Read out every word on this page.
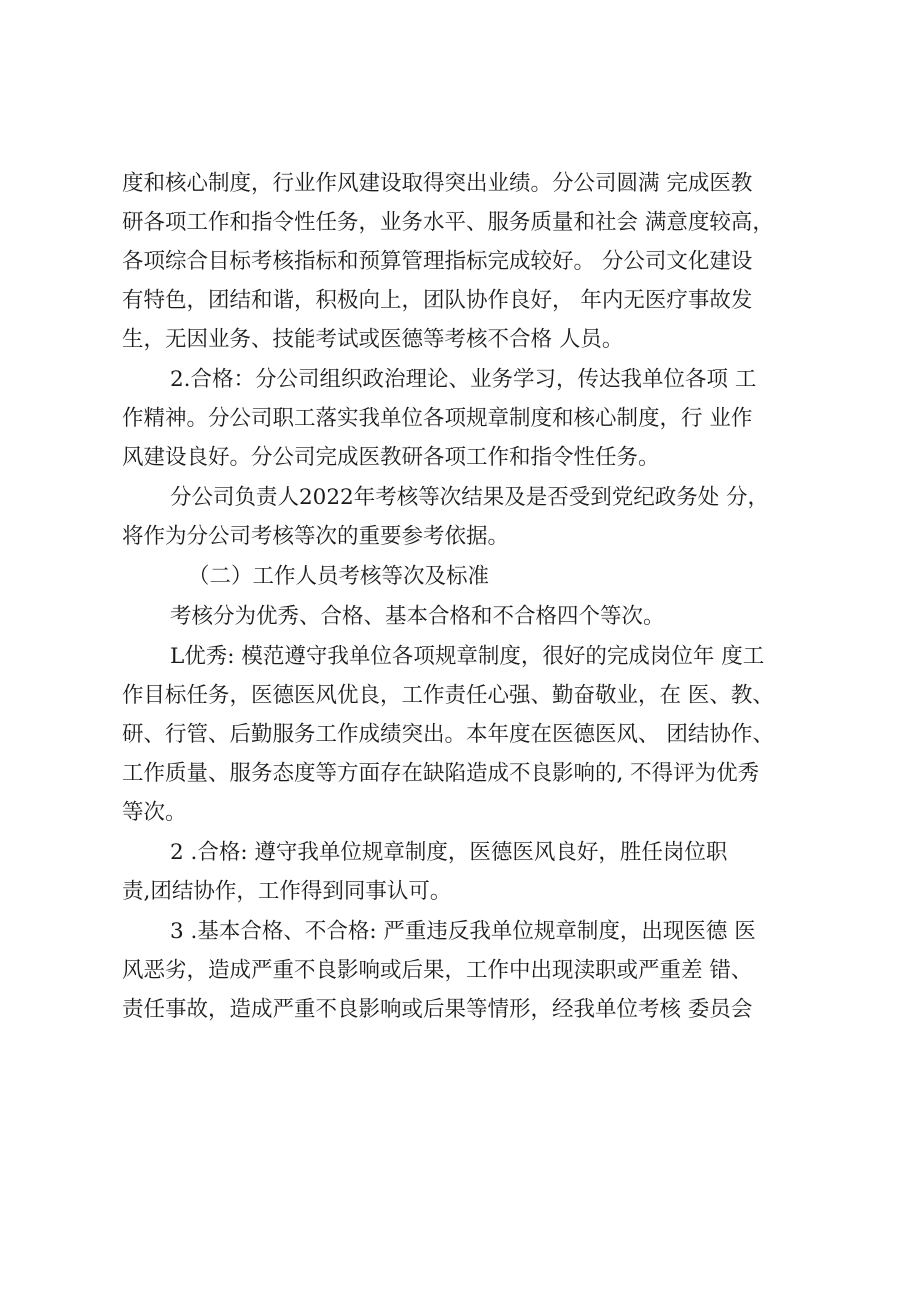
度和核心制度，行业作风建设取得突出业绩。分公司圆满 完成医教
研各项工作和指令性任务，业务水平、服务质量和社会 满意度较高，
各项综合目标考核指标和预算管理指标完成较好。 分公司文化建设
有特色，团结和谐，积极向上，团队协作良好， 年内无医疗事故发
生，无因业务、技能考试或医德等考核不合格 人员。
2.合格：分公司组织政治理论、业务学习，传达我单位各项 工
作精神。分公司职工落实我单位各项规章制度和核心制度，行 业作
风建设良好。分公司完成医教研各项工作和指令性任务。
分公司负责人2022年考核等次结果及是否受到党纪政务处 分，
将作为分公司考核等次的重要参考依据。
（二）工作人员考核等次及标准
考核分为优秀、合格、基本合格和不合格四个等次。
L优秀: 模范遵守我单位各项规章制度，很好的完成岗位年 度工
作目标任务，医德医风优良，工作责任心强、勤奋敬业，在 医、教、
研、行管、后勤服务工作成绩突出。本年度在医德医风、 团结协作、
工作质量、服务态度等方面存在缺陷造成不良影响的, 不得评为优秀
等次。
2 .合格: 遵守我单位规章制度，医德医风良好，胜任岗位职
责,团结协作，工作得到同事认可。
3 .基本合格、不合格: 严重违反我单位规章制度，出现医德 医
风恶劣，造成严重不良影响或后果，工作中出现渎职或严重差 错、
责任事故，造成严重不良影响或后果等情形，经我单位考核 委员会
